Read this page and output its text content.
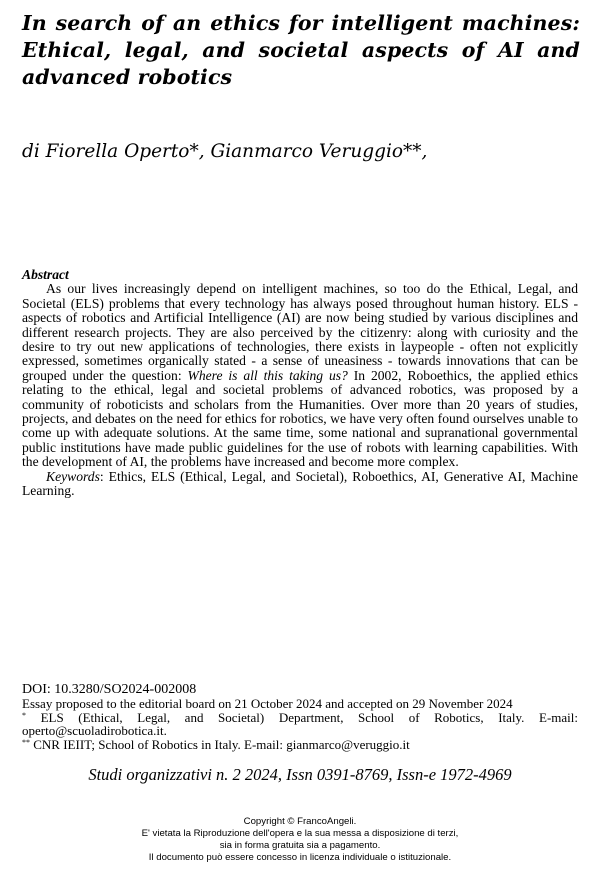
In search of an ethics for intelligent machines:
Ethical, legal, and societal aspects of AI and
advanced robotics

di Fiorella Operto*, Gianmarco Veruggio**,

Abstract

As our lives increasingly depend on intelligent machines, so too do the Ethical, Legal, and Societal (ELS) problems that every technology has always posed throughout human history. ELS - aspects of robotics and Artificial Intelligence (AI) are now being studied by various disciplines and different research projects. They are also perceived by the citizenry: along with curiosity and the desire to try out new applications of technologies, there exists in laypeople - often not explicitly expressed, sometimes organically stated - a sense of uneasiness - towards innovations that can be grouped under the question: Where is all this taking us? In 2002, Roboethics, the applied ethics relating to the ethical, legal and societal problems of advanced robotics, was proposed by a community of roboticists and scholars from the Humanities. Over more than 20 years of studies, projects, and debates on the need for ethics for robotics, we have very often found ourselves unable to come up with adequate solutions. At the same time, some national and supranational governmental public institutions have made public guidelines for the use of robots with learning capabilities. With the development of AI, the problems have increased and become more complex.

Keywords: Ethics, ELS (Ethical, Legal, and Societal), Roboethics, AI, Generative AI, Machine Learning.

DOI: 10.3280/SO2024-002008
Essay proposed to the editorial board on 21 October 2024 and accepted on 29 November 2024
* ELS (Ethical, Legal, and Societal) Department, School of Robotics, Italy. E-mail: operto@scuoladirobotica.it.
** CNR IEIIT; School of Robotics in Italy. E-mail: gianmarco@veruggio.it
Studi organizzativi n. 2 2024, Issn 0391-8769, Issn-e 1972-4969
Copyright © FrancoAngeli.
E' vietata la Riproduzione dell'opera e la sua messa a disposizione di terzi,
sia in forma gratuita sia a pagamento.
Il documento può essere concesso in licenza individuale o istituzionale.
